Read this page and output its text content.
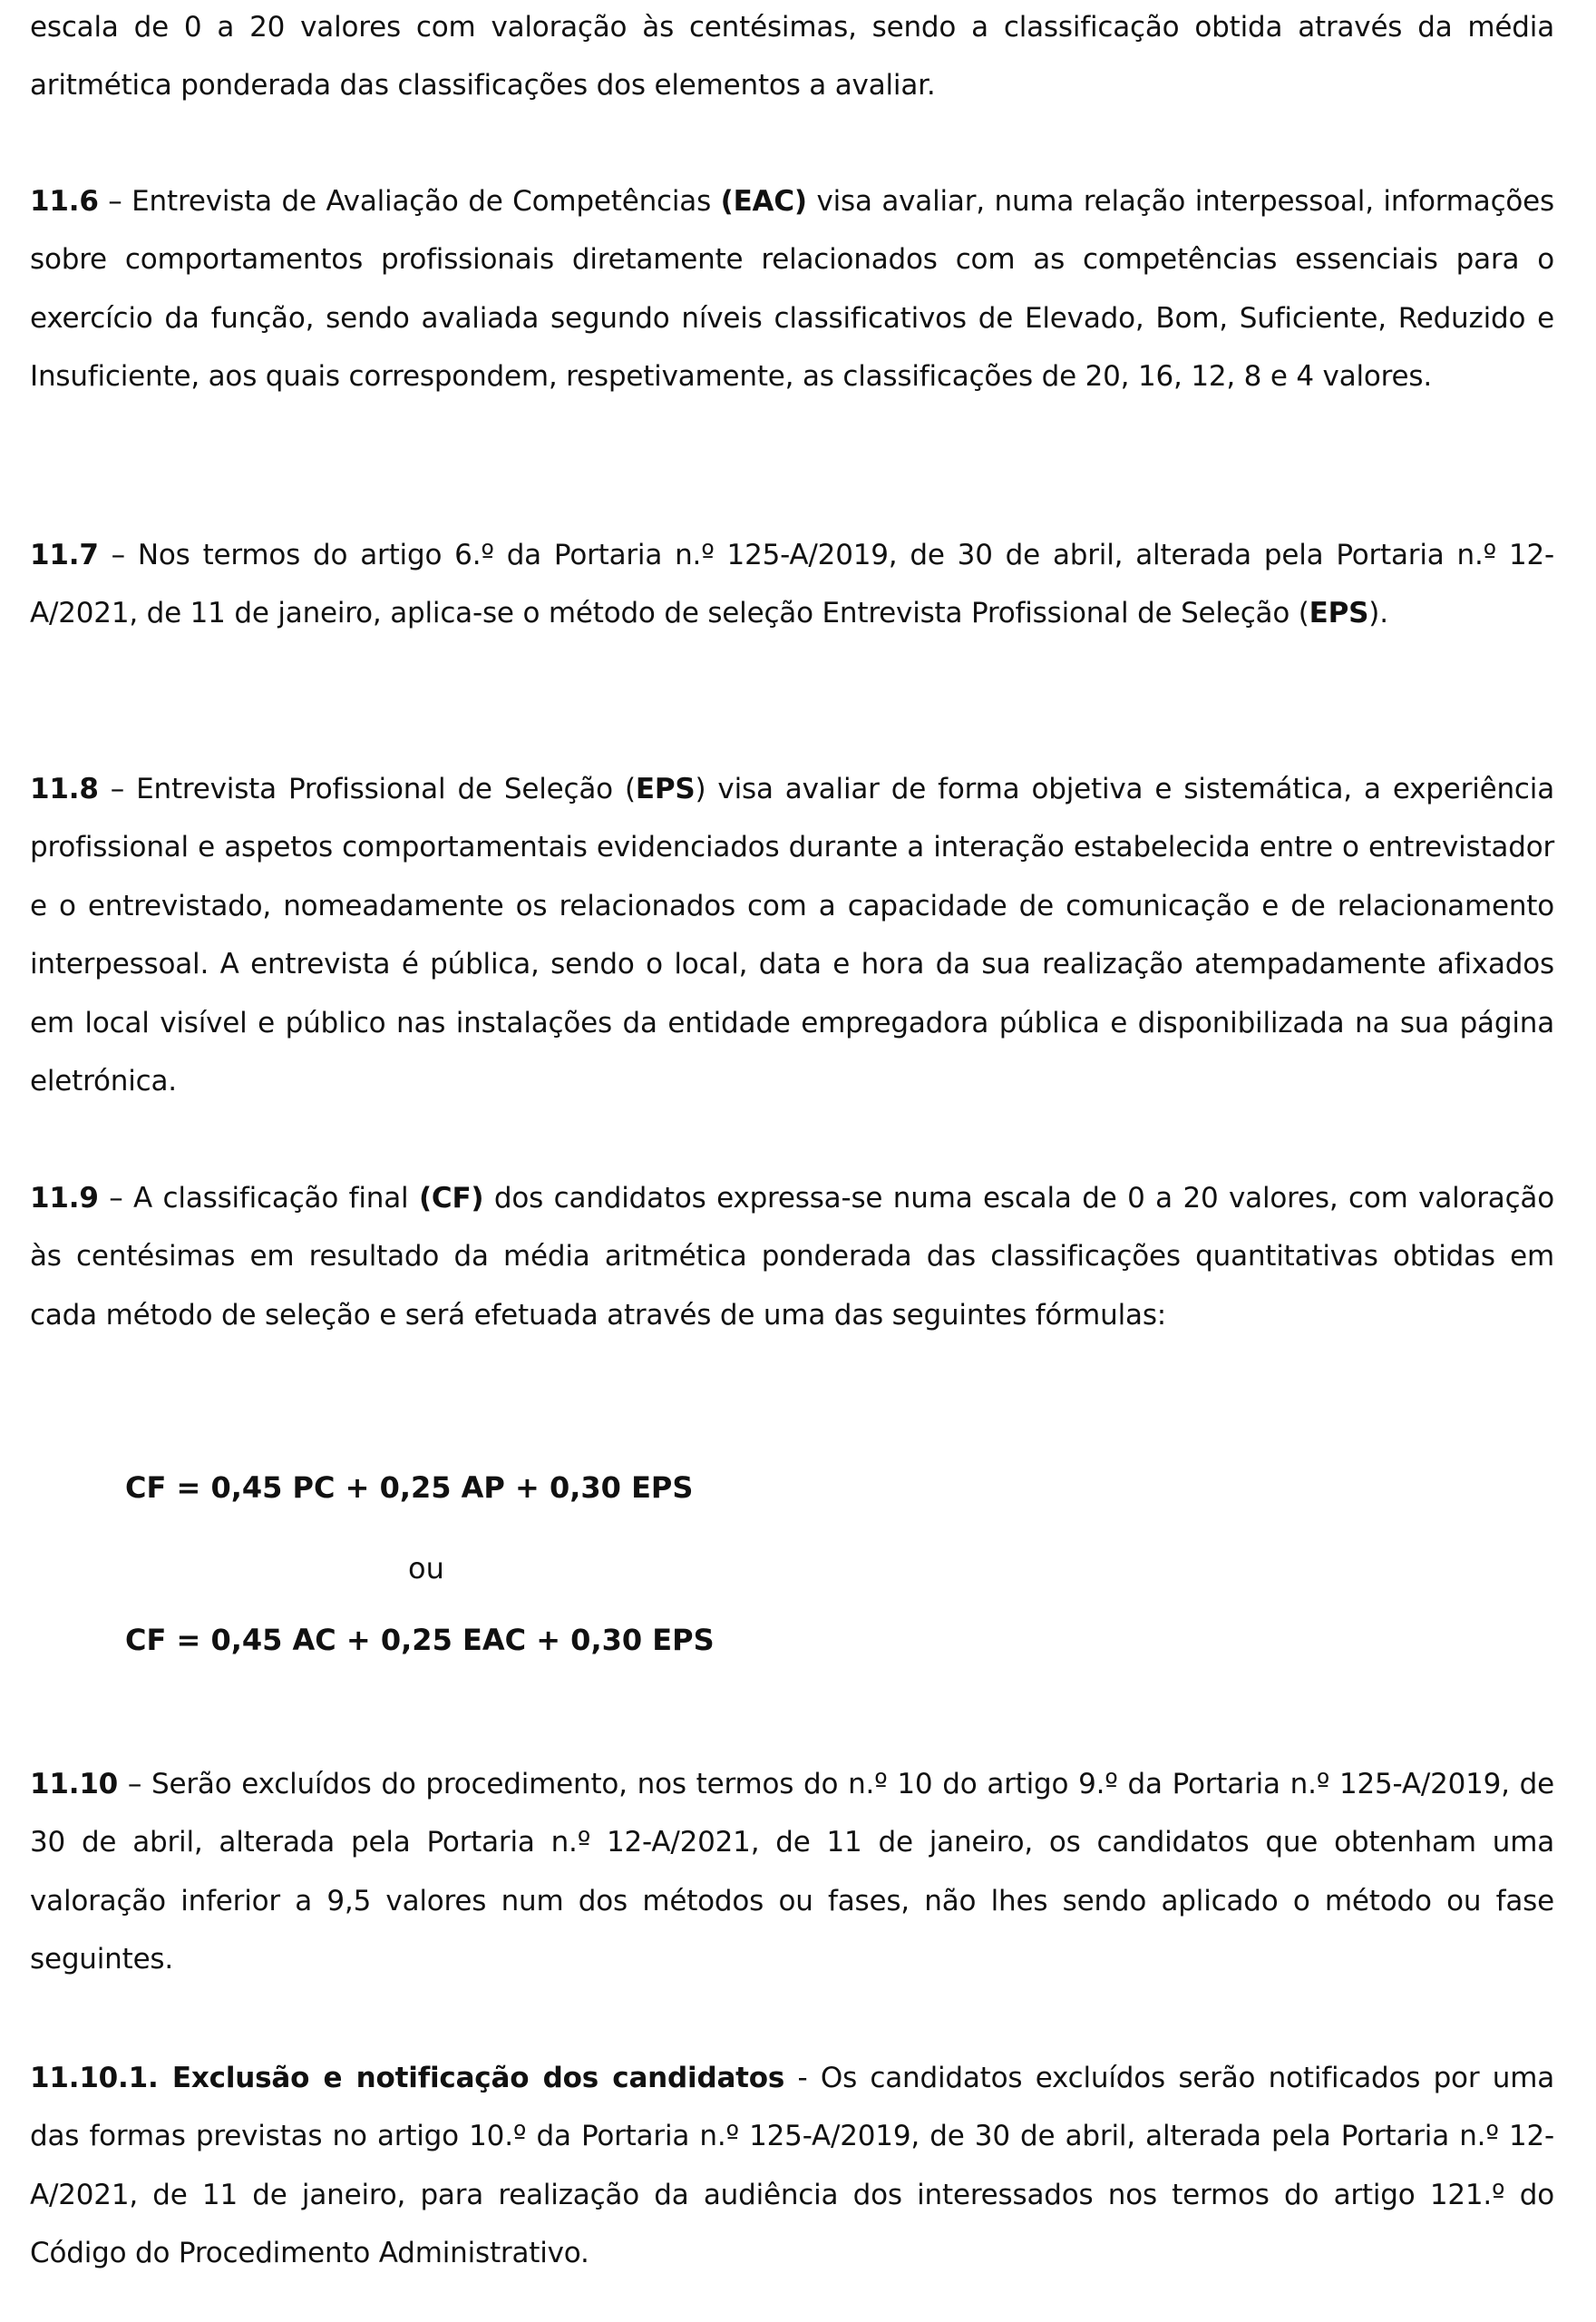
escala de 0 a 20 valores com valoração às centésimas, sendo a classificação obtida através da média aritmética ponderada das classificações dos elementos a avaliar.

11.6 – Entrevista de Avaliação de Competências (EAC) visa avaliar, numa relação interpessoal, informações sobre comportamentos profissionais diretamente relacionados com as competências essenciais para o exercício da função, sendo avaliada segundo níveis classificativos de Elevado, Bom, Suficiente, Reduzido e Insuficiente, aos quais correspondem, respetivamente, as classificações de 20, 16, 12, 8 e 4 valores.

11.7 – Nos termos do artigo 6.º da Portaria n.º 125-A/2019, de 30 de abril, alterada pela Portaria n.º 12-A/2021, de 11 de janeiro, aplica-se o método de seleção Entrevista Profissional de Seleção (EPS).

11.8 – Entrevista Profissional de Seleção (EPS) visa avaliar de forma objetiva e sistemática, a experiência profissional e aspetos comportamentais evidenciados durante a interação estabelecida entre o entrevistador e o entrevistado, nomeadamente os relacionados com a capacidade de comunicação e de relacionamento interpessoal. A entrevista é pública, sendo o local, data e hora da sua realização atempadamente afixados em local visível e público nas instalações da entidade empregadora pública e disponibilizada na sua página eletrónica.

11.9 – A classificação final (CF) dos candidatos expressa-se numa escala de 0 a 20 valores, com valoração às centésimas em resultado da média aritmética ponderada das classificações quantitativas obtidas em cada método de seleção e será efetuada através de uma das seguintes fórmulas:

CF = 0,45 PC + 0,25 AP + 0,30 EPS
ou
CF = 0,45 AC + 0,25 EAC + 0,30 EPS

11.10 – Serão excluídos do procedimento, nos termos do n.º 10 do artigo 9.º da Portaria n.º 125-A/2019, de 30 de abril, alterada pela Portaria n.º 12-A/2021, de 11 de janeiro, os candidatos que obtenham uma valoração inferior a 9,5 valores num dos métodos ou fases, não lhes sendo aplicado o método ou fase seguintes.

11.10.1. Exclusão e notificação dos candidatos - Os candidatos excluídos serão notificados por uma das formas previstas no artigo 10.º da Portaria n.º 125-A/2019, de 30 de abril, alterada pela Portaria n.º 12-A/2021, de 11 de janeiro, para realização da audiência dos interessados nos termos do artigo 121.º do Código do Procedimento Administrativo.
